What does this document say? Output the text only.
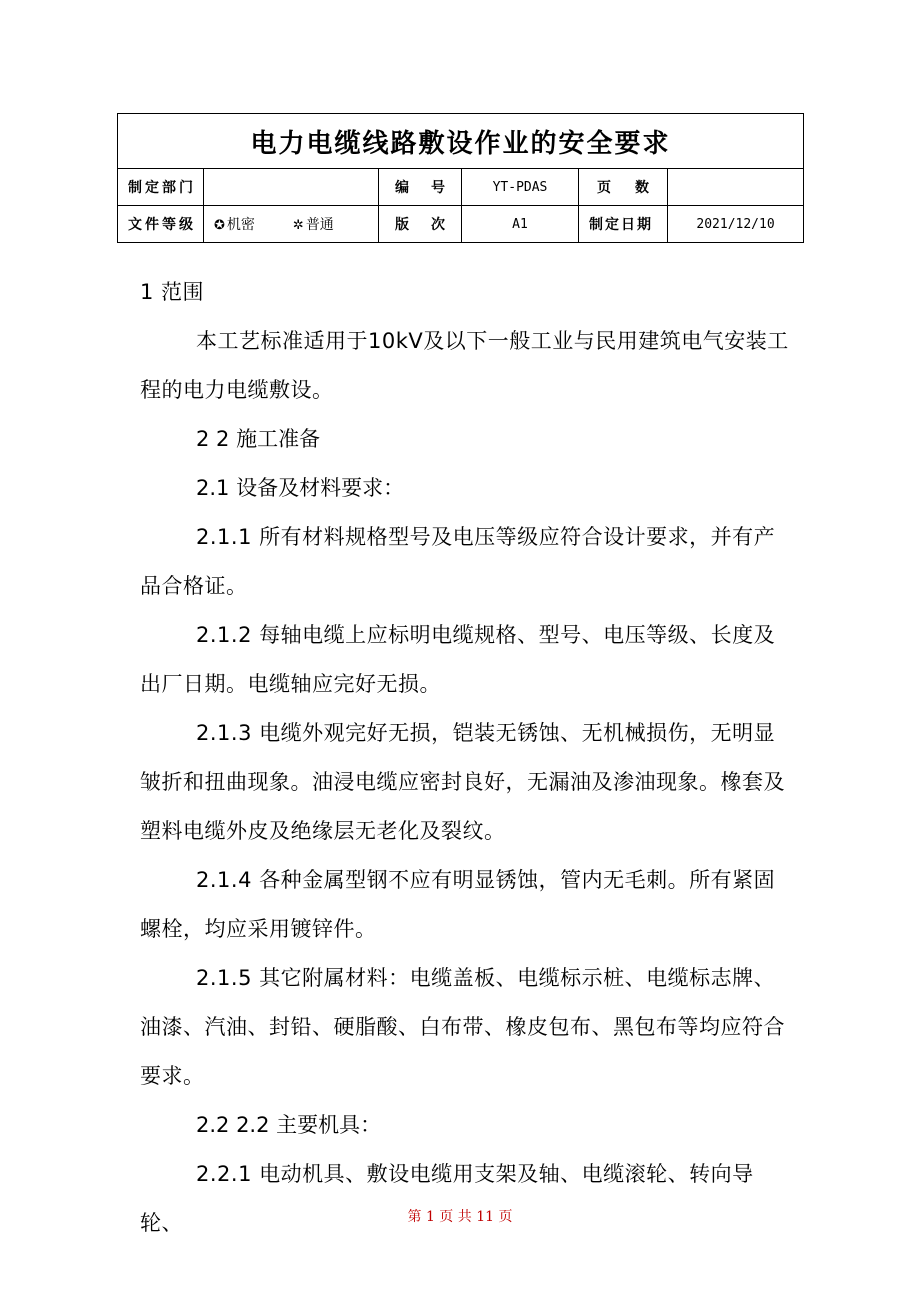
电力电缆线路敷设作业的安全要求					
制定部门		编 号	YT-PDAS	页 数	

文件等级	✪ 机密 ✲ 普通	版 次	A1	制定日期	2021/12/10

1 范围

本工艺标准适用于10kV及以下一般工业与民用建筑电气安装工程的电力电缆敷设。

2 2 施工准备

2.1 设备及材料要求：

2.1.1 所有材料规格型号及电压等级应符合设计要求，并有产品合格证。

2.1.2 每轴电缆上应标明电缆规格、型号、电压等级、长度及出厂日期。电缆轴应完好无损。

2.1.3 电缆外观完好无损，铠装无锈蚀、无机械损伤，无明显皱折和扭曲现象。油浸电缆应密封良好，无漏油及渗油现象。橡套及塑料电缆外皮及绝缘层无老化及裂纹。

2.1.4 各种金属型钢不应有明显锈蚀，管内无毛刺。所有紧固螺栓，均应采用镀锌件。

2.1.5 其它附属材料：电缆盖板、电缆标示桩、电缆标志牌、油漆、汽油、封铅、硬脂酸、白布带、橡皮包布、黑包布等均应符合要求。

2.2 2.2 主要机具：

2.2.1 电动机具、敷设电缆用支架及轴、电缆滚轮、转向导轮、	第 1 页 共 11 页
